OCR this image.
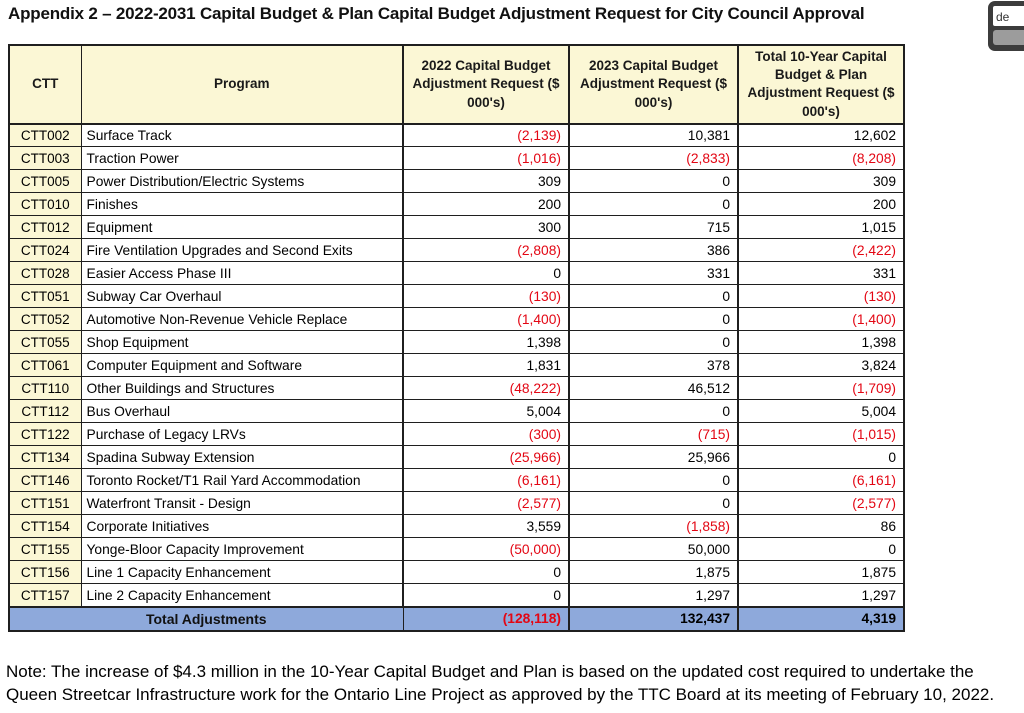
Appendix 2 – 2022-2031 Capital Budget & Plan Capital Budget Adjustment Request for City Council Approval	de
CTT	Program	2022 Capital Budget Adjustment Request ($ 000's)	2023 Capital Budget Adjustment Request ($ 000's)	Total 10-Year Capital Budget & Plan Adjustment Request ($ 000's)
CTT002	Surface Track	(2,139)	10,381	12,602
CTT003	Traction Power	(1,016)	(2,833)	(8,208)
CTT005	Power Distribution/Electric Systems	309	0	309
CTT010	Finishes	200	0	200
CTT012	Equipment	300	715	1,015
CTT024	Fire Ventilation Upgrades and Second Exits	(2,808)	386	(2,422)
CTT028	Easier Access Phase III	0	331	331
CTT051	Subway Car Overhaul	(130)	0	(130)
CTT052	Automotive Non-Revenue Vehicle Replace	(1,400)	0	(1,400)
CTT055	Shop Equipment	1,398	0	1,398
CTT061	Computer Equipment and Software	1,831	378	3,824
CTT110	Other Buildings and Structures	(48,222)	46,512	(1,709)
CTT112	Bus Overhaul	5,004	0	5,004
CTT122	Purchase of Legacy LRVs	(300)	(715)	(1,015)
CTT134	Spadina Subway Extension	(25,966)	25,966	0
CTT146	Toronto Rocket/T1 Rail Yard Accommodation	(6,161)	0	(6,161)
CTT151	Waterfront Transit - Design	(2,577)	0	(2,577)
CTT154	Corporate Initiatives	3,559	(1,858)	86
CTT155	Yonge-Bloor Capacity Improvement	(50,000)	50,000	0
CTT156	Line 1 Capacity Enhancement	0	1,875	1,875
CTT157	Line 2 Capacity Enhancement	0	1,297	1,297
Total Adjustments		(128,118)	132,437	4,319
Note: The increase of $4.3 million in the 10-Year Capital Budget and Plan is based on the updated cost required to undertake the Queen Streetcar Infrastructure work for the Ontario Line Project as approved by the TTC Board at its meeting of February 10, 2022.
